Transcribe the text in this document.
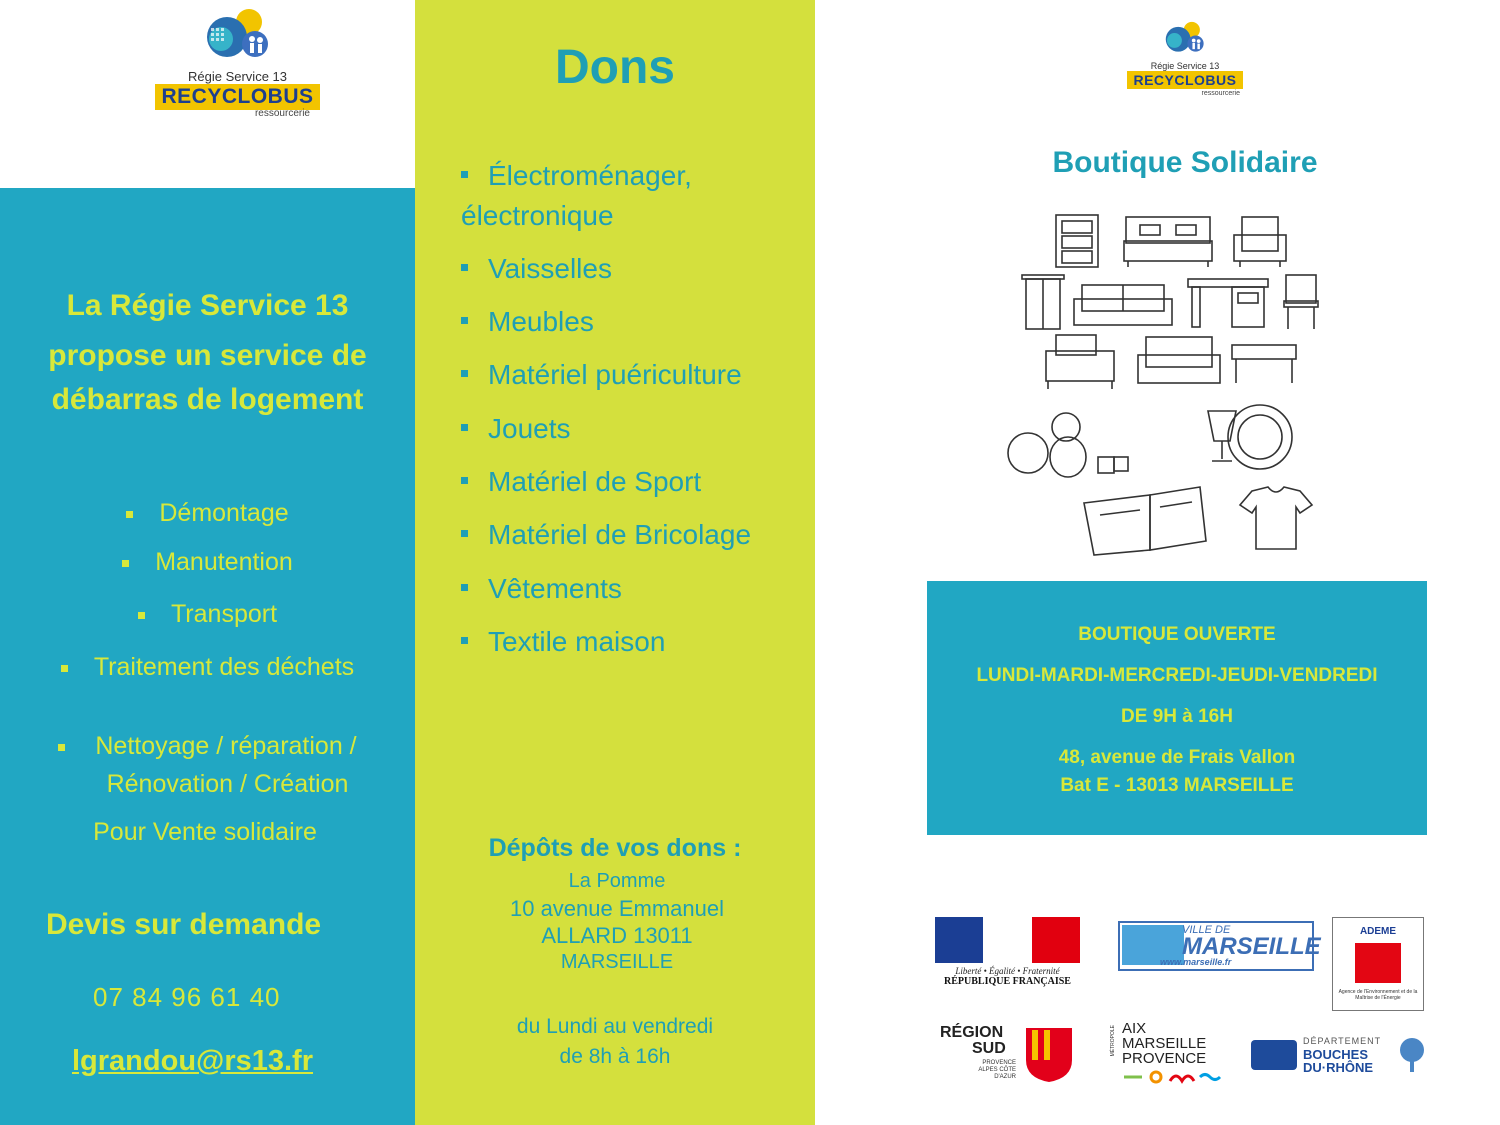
Régie Service 13
RECYCLOBUS
ressourcerie
La Régie Service 13
propose un service de
débarras de logement
Démontage
Manutention
Transport
Traitement des déchets
Nettoyage / réparation /
Rénovation / Création
Pour Vente solidaire
Devis sur demande
07 84 96 61 40
lgrandou@rs13.fr
Dons
Électroménager,
électronique
Vaisselles
Meubles
Matériel puériculture
Jouets
Matériel de Sport
Matériel de Bricolage
Vêtements
Textile maison
Dépôts de vos dons :
La Pomme
10 avenue Emmanuel
ALLARD 13011
MARSEILLE
du Lundi au vendredi
de 8h à 16h
Régie Service 13
RECYCLOBUS
ressourcerie
Boutique Solidaire
BOUTIQUE OUVERTE
LUNDI-MARDI-MERCREDI-JEUDI-VENDREDI
DE 9H à 16H
48, avenue de Frais Vallon
Bat E - 13013 MARSEILLE
Liberté • Égalité • Fraternité
RÉPUBLIQUE FRANÇAISE
VILLE DE
MARSEILLE
www.marseille.fr
ADEME
Agence de l'Environnement et de la Maîtrise de l'Énergie
RÉGION
SUD
PROVENCE ALPES CÔTE D'AZUR
MÉTROPOLE AIX
MARSEILLE
PROVENCE
DÉPARTEMENT
BOUCHES
DU·RHÔNE
